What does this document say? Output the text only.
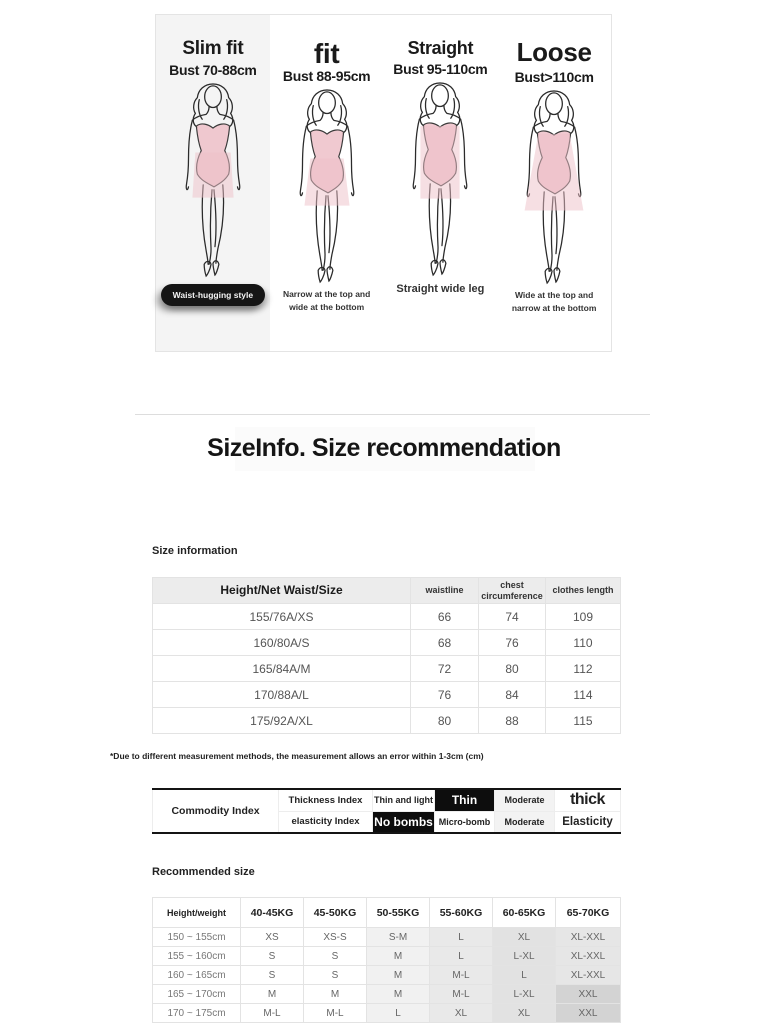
Slim fit
Bust 70-88cm
Waist-hugging style
fit
Bust 88-95cm
Narrow at the top and wide at the bottom
Straight
Bust 95-110cm
Straight wide leg
Loose
Bust>110cm
Wide at the top and narrow at the bottom
SizeInfo. Size recommendation
Size information
Height/Net Waist/Size	waistline	chest circumference	clothes length
155/76A/XS	66	74	109
160/80A/S	68	76	110
165/84A/M	72	80	112
170/88A/L	76	84	114
175/92A/XL	80	88	115
*Due to different measurement methods, the measurement allows an error within 1-3cm (cm)
Commodity Index	Thickness Index	Thin and light	Thin	Moderate	thick
	elasticity Index	No bombs	Micro-bomb	Moderate	Elasticity
Recommended size
Height/weight	40-45KG	45-50KG	50-55KG	55-60KG	60-65KG	65-70KG
150 ~ 155cm	XS	XS-S	S-M	L	XL	XL-XXL
155 ~ 160cm	S	S	M	L	L-XL	XL-XXL
160 ~ 165cm	S	S	M	M-L	L	XL-XXL
165 ~ 170cm	M	M	M	M-L	L-XL	XXL
170 ~ 175cm	M-L	M-L	L	XL	XL	XXL
